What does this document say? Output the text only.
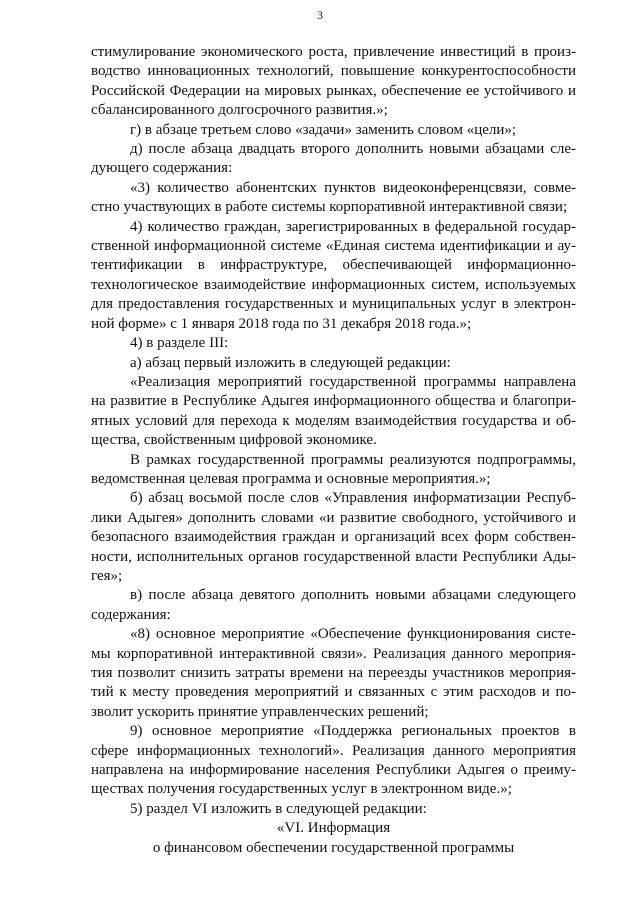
3

стимулирование экономического роста, привлечение инвестиций в произ-
водство инновационных технологий, повышение конкурентоспособности
Российской Федерации на мировых рынках, обеспечение ее устойчивого и
сбалансированного долгосрочного развития.»;

г) в абзаце третьем слово «задачи» заменить словом «цели»;

д) после абзаца двадцать второго дополнить новыми абзацами сле-
дующего содержания:

«3) количество абонентских пунктов видеоконференцсвязи, совме-
стно участвующих в работе системы корпоративной интерактивной связи;

4) количество граждан, зарегистрированных в федеральной государ-
ственной информационной системе «Единая система идентификации и ау-
тентификации в инфраструктуре, обеспечивающей информационно-
технологическое взаимодействие информационных систем, используемых
для предоставления государственных и муниципальных услуг в электрон-
ной форме» с 1 января 2018 года по 31 декабря 2018 года.»;

4) в разделе III:

а) абзац первый изложить в следующей редакции:

«Реализация мероприятий государственной программы направлена
на развитие в Республике Адыгея информационного общества и благопри-
ятных условий для перехода к моделям взаимодействия государства и об-
щества, свойственным цифровой экономике.

В рамках государственной программы реализуются подпрограммы,
ведомственная целевая программа и основные мероприятия.»;

б) абзац восьмой после слов «Управления информатизации Респуб-
лики Адыгея» дополнить словами «и развитие свободного, устойчивого и
безопасного взаимодействия граждан и организаций всех форм собствен-
ности, исполнительных органов государственной власти Республики Ады-
гея»;

в) после абзаца девятого дополнить новыми абзацами следующего
содержания:

«8) основное мероприятие «Обеспечение функционирования систе-
мы корпоративной интерактивной связи». Реализация данного мероприя-
тия позволит снизить затраты времени на переезды участников мероприя-
тий к месту проведения мероприятий и связанных с этим расходов и по-
зволит ускорить принятие управленческих решений;

9) основное мероприятие «Поддержка региональных проектов в
сфере информационных технологий». Реализация данного мероприятия
направлена на информирование населения Республики Адыгея о преиму-
ществах получения государственных услуг в электронном виде.»;

5) раздел VI изложить в следующей редакции:

«VI. Информация
о финансовом обеспечении государственной программы
